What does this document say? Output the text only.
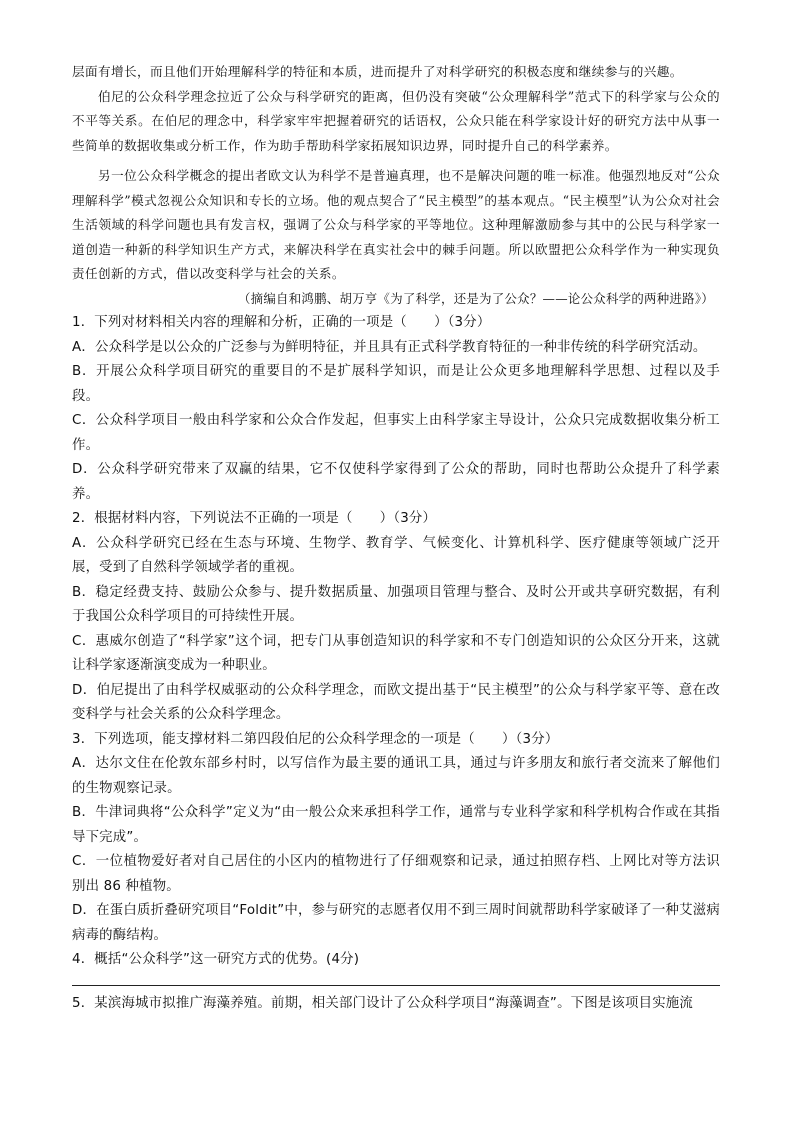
层面有增长，而且他们开始理解科学的特征和本质，进而提升了对科学研究的积极态度和继续参与的兴趣。

伯尼的公众科学理念拉近了公众与科学研究的距离，但仍没有突破“公众理解科学”范式下的科学家与公众的不平等关系。在伯尼的理念中，科学家牢牢把握着研究的话语权，公众只能在科学家设计好的研究方法中从事一些简单的数据收集或分析工作，作为助手帮助科学家拓展知识边界，同时提升自己的科学素养。

另一位公众科学概念的提出者欧文认为科学不是普遍真理，也不是解决问题的唯一标准。他强烈地反对“公众理解科学”模式忽视公众知识和专长的立场。他的观点契合了“民主模型”的基本观点。“民主模型”认为公众对社会生活领域的科学问题也具有发言权，强调了公众与科学家的平等地位。这种理解激励参与其中的公民与科学家一道创造一种新的科学知识生产方式，来解决科学在真实社会中的棘手问题。所以欧盟把公众科学作为一种实现负责任创新的方式，借以改变科学与社会的关系。

（摘编自和鸿鹏、胡万亨《为了科学，还是为了公众？——论公众科学的两种进路》）

1．下列对材料相关内容的理解和分析，正确的一项是（　　）（3分）

A．公众科学是以公众的广泛参与为鲜明特征，并且具有正式科学教育特征的一种非传统的科学研究活动。

B．开展公众科学项目研究的重要目的不是扩展科学知识，而是让公众更多地理解科学思想、过程以及手段。

C．公众科学项目一般由科学家和公众合作发起，但事实上由科学家主导设计，公众只完成数据收集分析工作。

D．公众科学研究带来了双赢的结果，它不仅使科学家得到了公众的帮助，同时也帮助公众提升了科学素养。

2．根据材料内容，下列说法不正确的一项是（　　）（3分）

A．公众科学研究已经在生态与环境、生物学、教育学、气候变化、计算机科学、医疗健康等领域广泛开展，受到了自然科学领域学者的重视。

B．稳定经费支持、鼓励公众参与、提升数据质量、加强项目管理与整合、及时公开或共享研究数据，有利于我国公众科学项目的可持续性开展。

C．惠威尔创造了“科学家”这个词，把专门从事创造知识的科学家和不专门创造知识的公众区分开来，这就让科学家逐渐演变成为一种职业。

D．伯尼提出了由科学权威驱动的公众科学理念，而欧文提出基于“民主模型”的公众与科学家平等、意在改变科学与社会关系的公众科学理念。

3．下列选项，能支撑材料二第四段伯尼的公众科学理念的一项是（　　）（3分）

A．达尔文住在伦敦东部乡村时，以写信作为最主要的通讯工具，通过与许多朋友和旅行者交流来了解他们的生物观察记录。

B．牛津词典将“公众科学”定义为“由一般公众来承担科学工作，通常与专业科学家和科学机构合作或在其指导下完成”。

C．一位植物爱好者对自己居住的小区内的植物进行了仔细观察和记录，通过拍照存档、上网比对等方法识别出 86 种植物。

D．在蛋白质折叠研究项目“Foldit”中，参与研究的志愿者仅用不到三周时间就帮助科学家破译了一种艾滋病病毒的酶结构。

4．概括“公众科学”这一研究方式的优势。(4分)

5．某滨海城市拟推广海藻养殖。前期，相关部门设计了公众科学项目“海藻调查”。下图是该项目实施流
